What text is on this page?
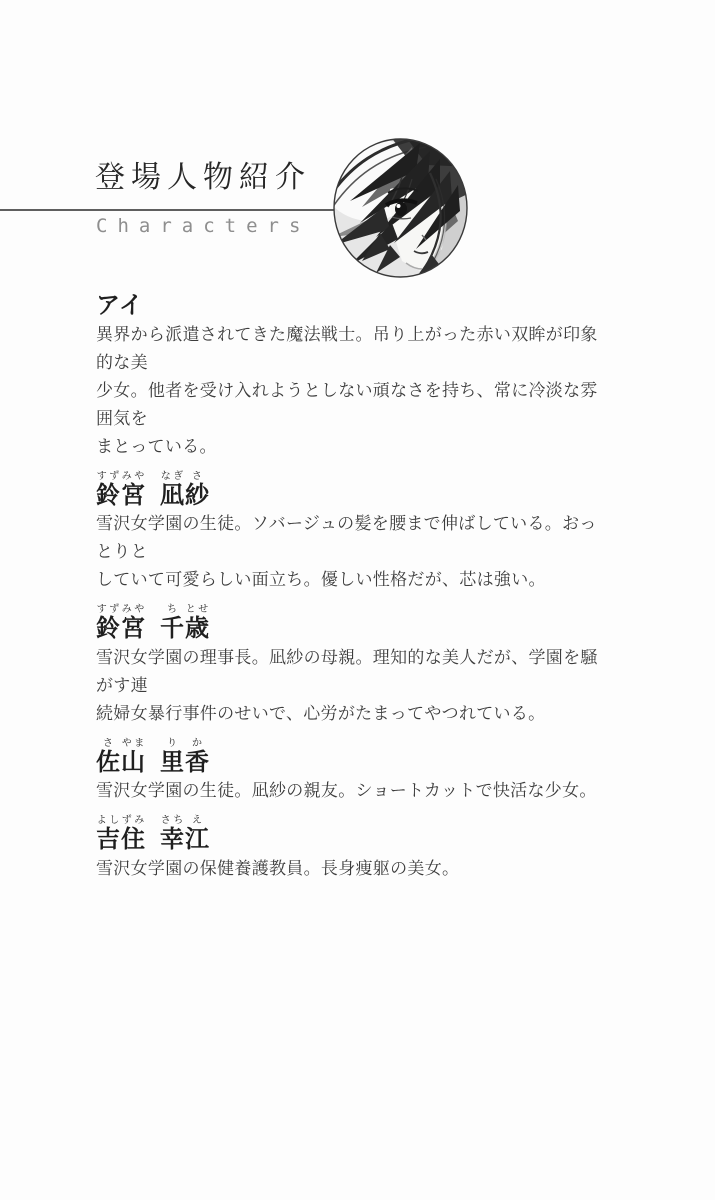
登場人物紹介
Characters
アイ

異界から派遣されてきた魔法戦士。吊り上がった赤い双眸が印象的な美
少女。他者を受け入れようとしない頑なさを持ち、常に冷淡な雰囲気を
まとっている。

鈴すず宮みや凪なぎ紗さ

雪沢女学園の生徒。ソバージュの髪を腰まで伸ばしている。おっとりと
していて可愛らしい面立ち。優しい性格だが、芯は強い。

鈴すず宮みや千ち歳とせ

雪沢女学園の理事長。凪紗の母親。理知的な美人だが、学園を騒がす連
続婦女暴行事件のせいで、心労がたまってやつれている。

佐さ山やま里り香か

雪沢女学園の生徒。凪紗の親友。ショートカットで快活な少女。

吉よし住ずみ幸さち江え

雪沢女学園の保健養護教員。長身痩躯の美女。
